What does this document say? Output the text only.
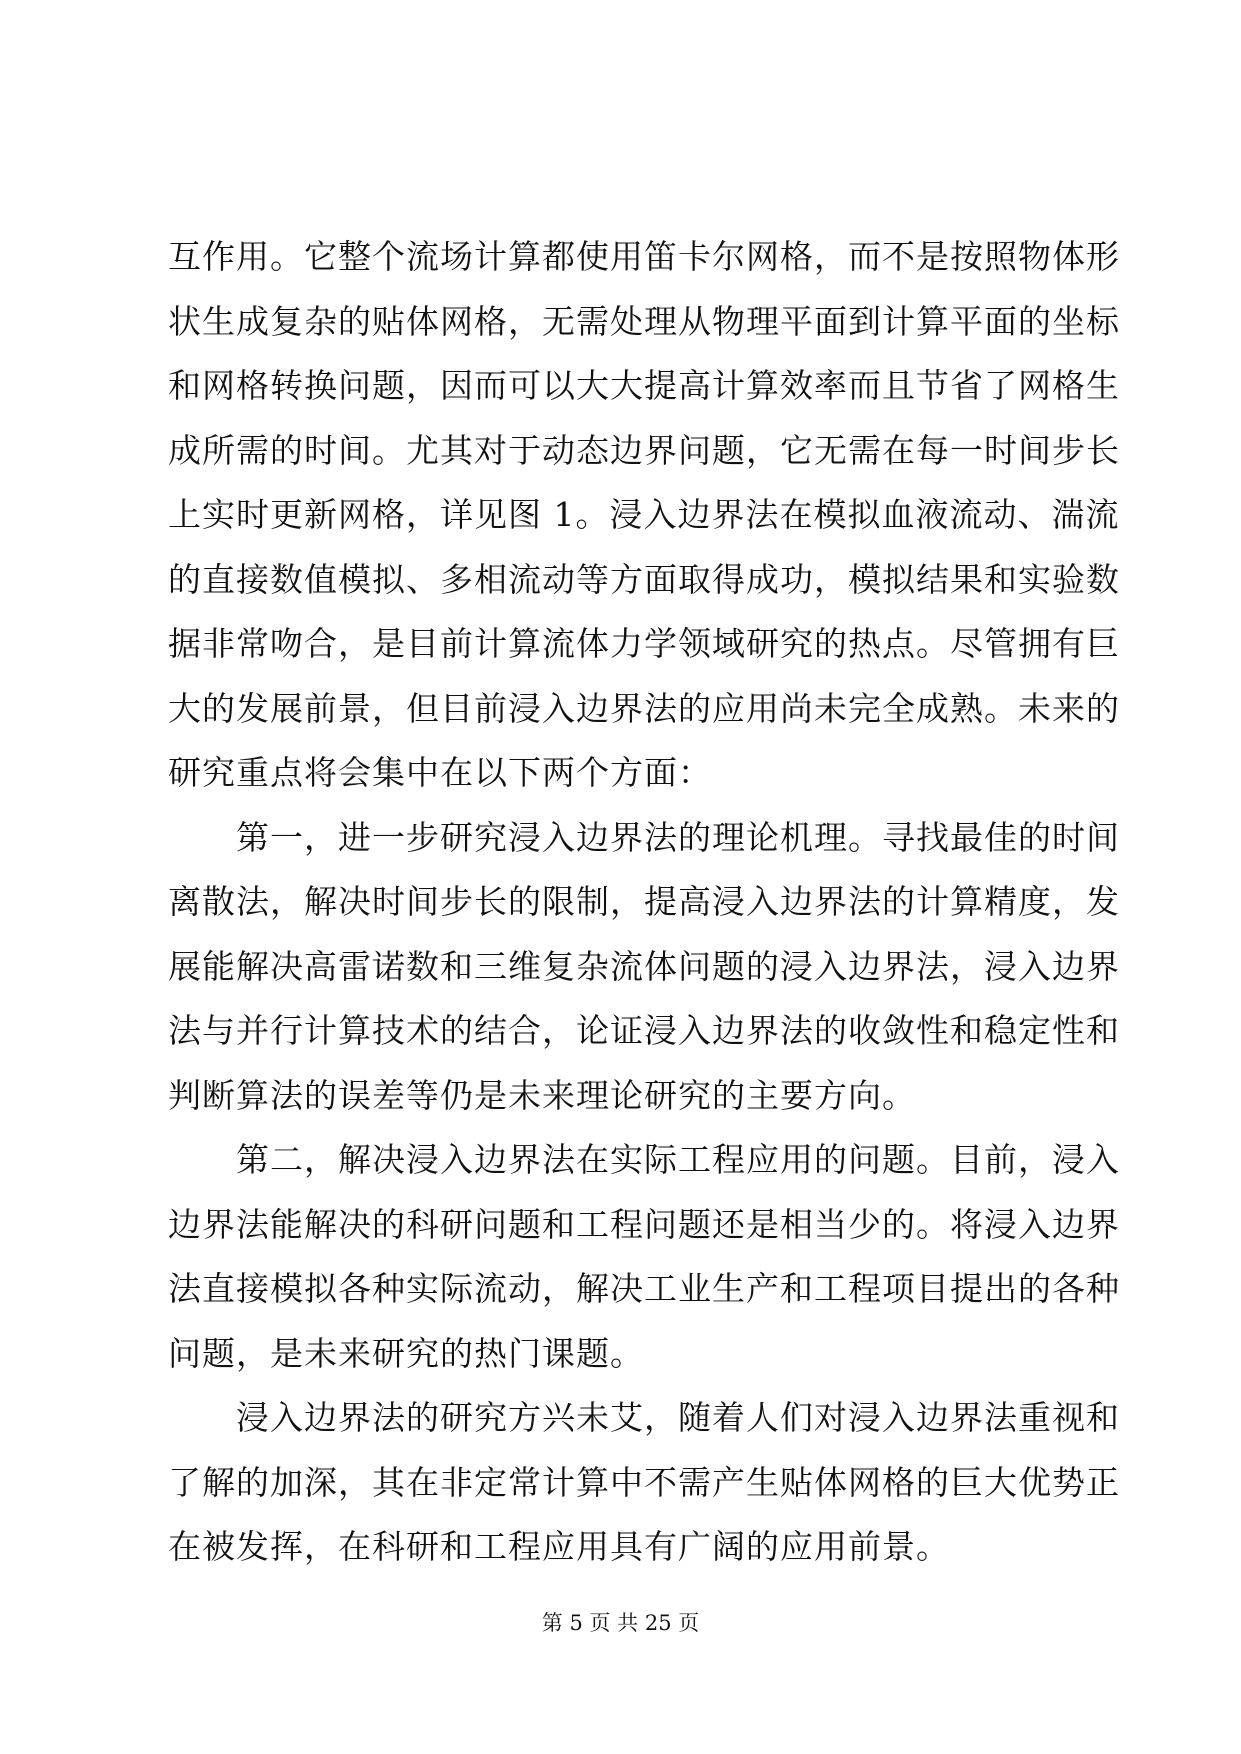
互作用。它整个流场计算都使用笛卡尔网格，而不是按照物体形
状生成复杂的贴体网格，无需处理从物理平面到计算平面的坐标
和网格转换问题，因而可以大大提高计算效率而且节省了网格生
成所需的时间。尤其对于动态边界问题，它无需在每一时间步长
上实时更新网格，详见图 1。浸入边界法在模拟血液流动、湍流
的直接数值模拟、多相流动等方面取得成功，模拟结果和实验数
据非常吻合，是目前计算流体力学领域研究的热点。尽管拥有巨
大的发展前景，但目前浸入边界法的应用尚未完全成熟。未来的
研究重点将会集中在以下两个方面：
　　第一，进一步研究浸入边界法的理论机理。寻找最佳的时间
离散法，解决时间步长的限制，提高浸入边界法的计算精度，发
展能解决高雷诺数和三维复杂流体问题的浸入边界法，浸入边界
法与并行计算技术的结合，论证浸入边界法的收敛性和稳定性和
判断算法的误差等仍是未来理论研究的主要方向。
　　第二，解决浸入边界法在实际工程应用的问题。目前，浸入
边界法能解决的科研问题和工程问题还是相当少的。将浸入边界
法直接模拟各种实际流动，解决工业生产和工程项目提出的各种
问题，是未来研究的热门课题。
　　浸入边界法的研究方兴未艾，随着人们对浸入边界法重视和
了解的加深，其在非定常计算中不需产生贴体网格的巨大优势正
在被发挥，在科研和工程应用具有广阔的应用前景。
第 5 页 共 25 页
